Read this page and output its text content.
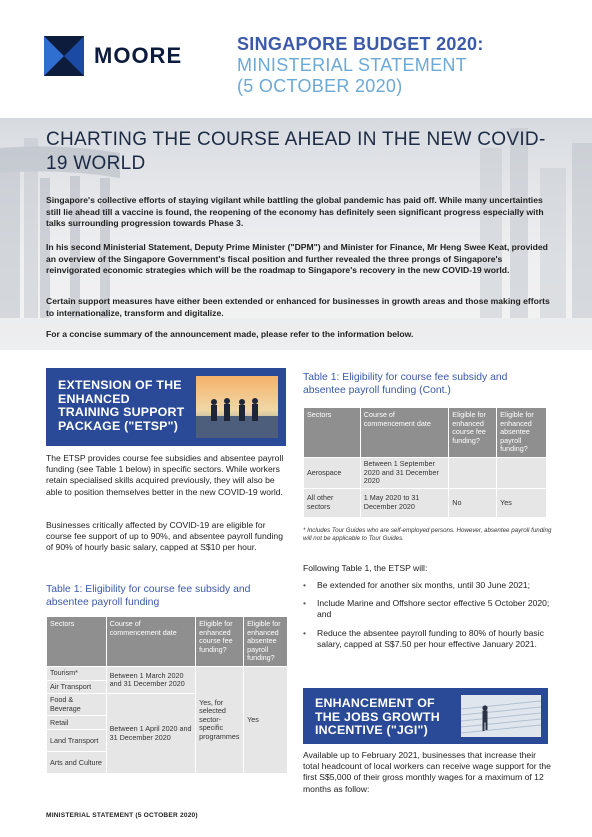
MOORE	SINGAPORE BUDGET 2020:
MINISTERIAL STATEMENT
(5 OCTOBER 2020)
CHARTING THE COURSE AHEAD IN THE NEW COVID-19 WORLD

Singapore's collective efforts of staying vigilant while battling the global pandemic has paid off. While many uncertainties still lie ahead till a vaccine is found, the reopening of the economy has definitely seen significant progress especially with talks surrounding progression towards Phase 3.

In his second Ministerial Statement, Deputy Prime Minister ("DPM") and Minister for Finance, Mr Heng Swee Keat, provided an overview of the Singapore Government's fiscal position and further revealed the three prongs of Singapore's reinvigorated economic strategies which will be the roadmap to Singapore's recovery in the new COVID-19 world.

Certain support measures have either been extended or enhanced for businesses in growth areas and those making efforts to internationalize, transform and digitalize.

For a concise summary of the announcement made, please refer to the information below.

EXTENSION OF THE ENHANCED TRAINING SUPPORT PACKAGE ("ETSP")

The ETSP provides course fee subsidies and absentee payroll funding (see Table 1 below) in specific sectors. While workers retain specialised skills acquired previously, they will also be able to position themselves better in the new COVID-19 world.

Businesses critically affected by COVID-19 are eligible for course fee support of up to 90%, and absentee payroll funding of 90% of hourly basic salary, capped at S$10 per hour.

Table 1: Eligibility for course fee subsidy and absentee payroll funding
Sectors	Course of commencement date	Eligible for enhanced course fee funding?	Eligible for enhanced absentee payroll funding?
Tourism*	Between 1 March 2020 and 31 December 2020	Yes, for selected sector-specific programmes	Yes
Air Transport			
Food & Beverage	Between 1 April 2020 and 31 December 2020		
Retail			
Land Transport			
Arts and Culture			
Table 1: Eligibility for course fee subsidy and absentee payroll funding (Cont.)
Sectors	Course of commencement date	Eligible for enhanced course fee funding?	Eligible for enhanced absentee payroll funding?
Aerospace	Between 1 September 2020 and 31 December 2020		
All other sectors	1 May 2020 to 31 December 2020	No	Yes

* Includes Tour Guides who are self-employed persons. However, absentee payroll funding will not be applicable to Tour Guides.

Following Table 1, the ETSP will:

• Be extended for another six months, until 30 June 2021;
• Include Marine and Offshore sector effective 5 October 2020; and
• Reduce the absentee payroll funding to 80% of hourly basic salary, capped at S$7.50 per hour effective January 2021.
ENHANCEMENT OF THE JOBS GROWTH INCENTIVE ("JGI")

Available up to February 2021, businesses that increase their total headcount of local workers can receive wage support for the first S$5,000 of their gross monthly wages for a maximum of 12 months as follow:

MINISTERIAL STATEMENT (5 OCTOBER 2020)
